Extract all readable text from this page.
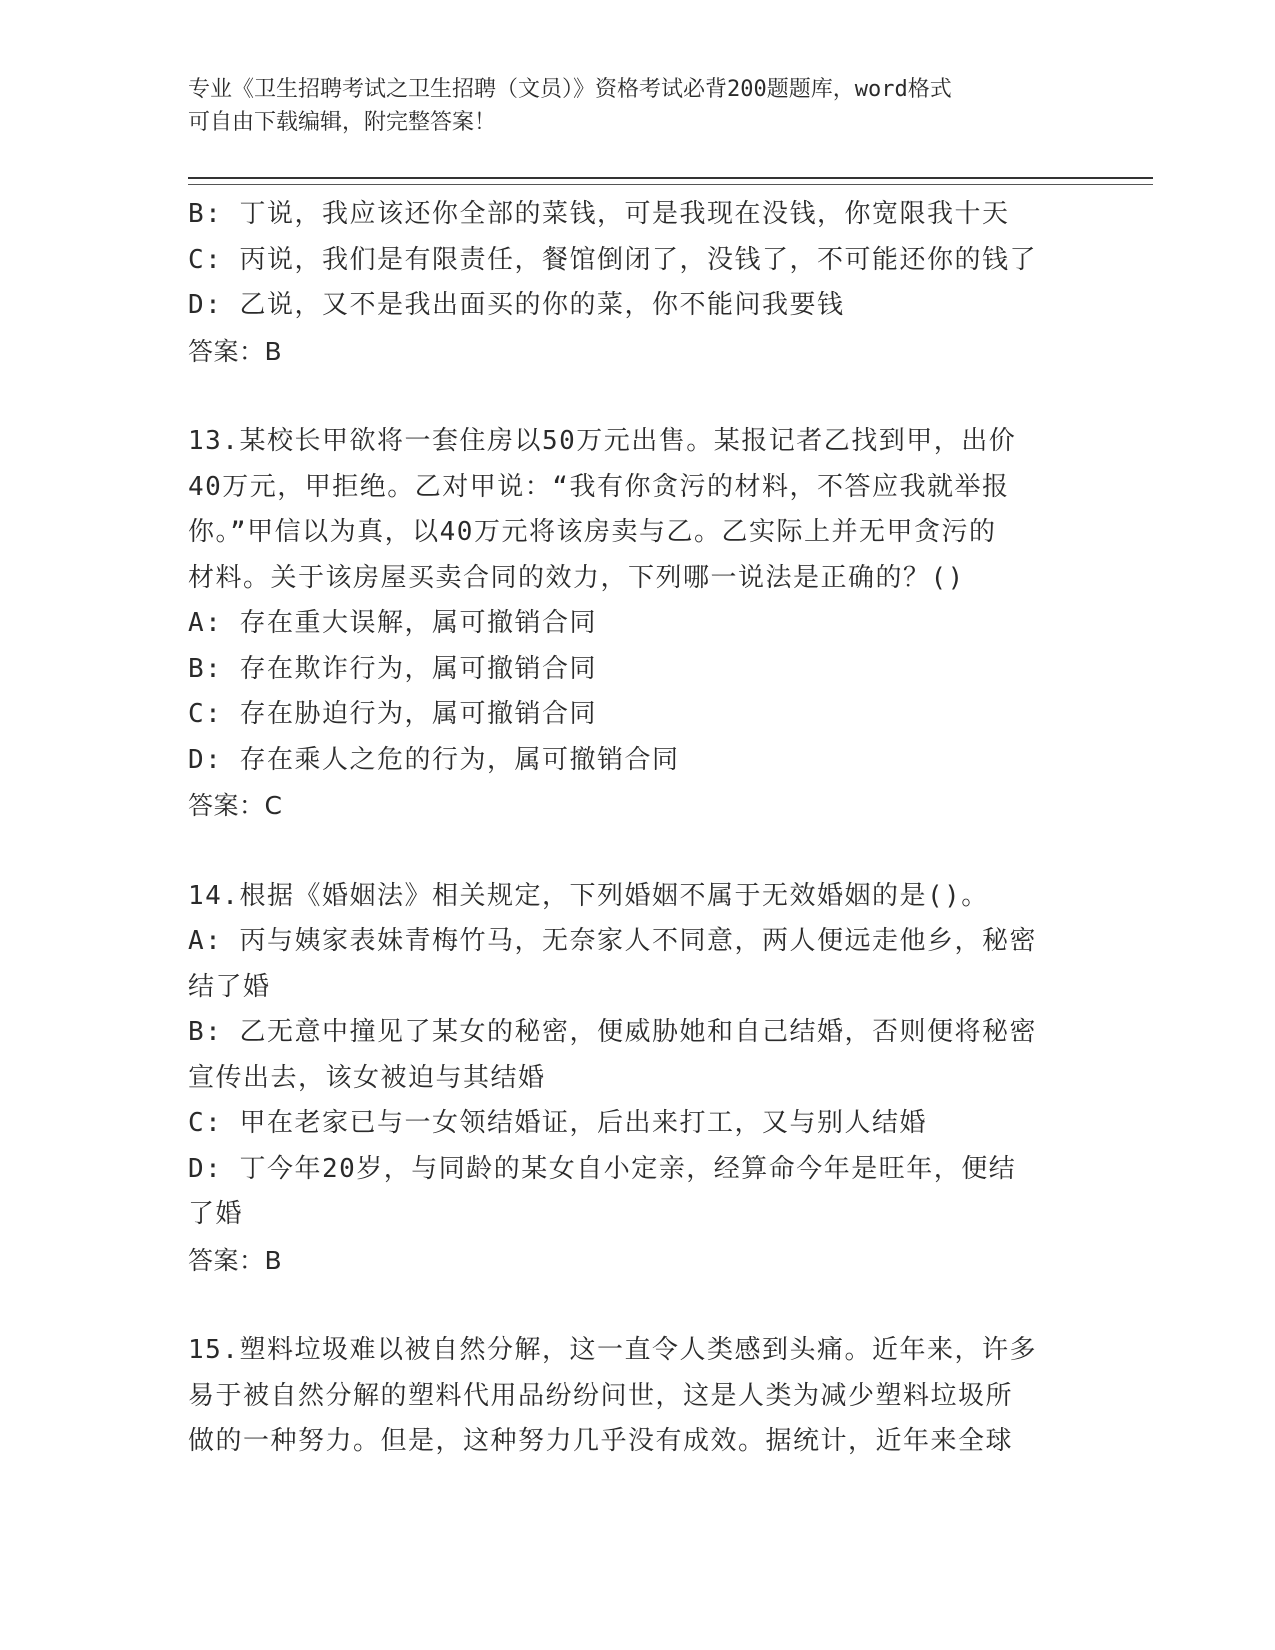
专业《卫生招聘考试之卫生招聘（文员）》资格考试必背200题题库，word格式
可自由下载编辑，附完整答案！
B: 丁说，我应该还你全部的菜钱，可是我现在没钱，你宽限我十天
C: 丙说，我们是有限责任，餐馆倒闭了，没钱了，不可能还你的钱了
D: 乙说，又不是我出面买的你的菜，你不能问我要钱
答案：B
13.某校长甲欲将一套住房以50万元出售。某报记者乙找到甲，出价
40万元，甲拒绝。乙对甲说：“我有你贪污的材料，不答应我就举报
你。”甲信以为真，以40万元将该房卖与乙。乙实际上并无甲贪污的
材料。关于该房屋买卖合同的效力，下列哪一说法是正确的？()
A: 存在重大误解，属可撤销合同
B: 存在欺诈行为，属可撤销合同
C: 存在胁迫行为，属可撤销合同
D: 存在乘人之危的行为，属可撤销合同
答案：C
14.根据《婚姻法》相关规定，下列婚姻不属于无效婚姻的是()。
A: 丙与姨家表妹青梅竹马，无奈家人不同意，两人便远走他乡，秘密
结了婚
B: 乙无意中撞见了某女的秘密，便威胁她和自己结婚，否则便将秘密
宣传出去，该女被迫与其结婚
C: 甲在老家已与一女领结婚证，后出来打工，又与别人结婚
D: 丁今年20岁，与同龄的某女自小定亲，经算命今年是旺年，便结
了婚
答案：B
15.塑料垃圾难以被自然分解，这一直令人类感到头痛。近年来，许多
易于被自然分解的塑料代用品纷纷问世，这是人类为减少塑料垃圾所
做的一种努力。但是，这种努力几乎没有成效。据统计，近年来全球
